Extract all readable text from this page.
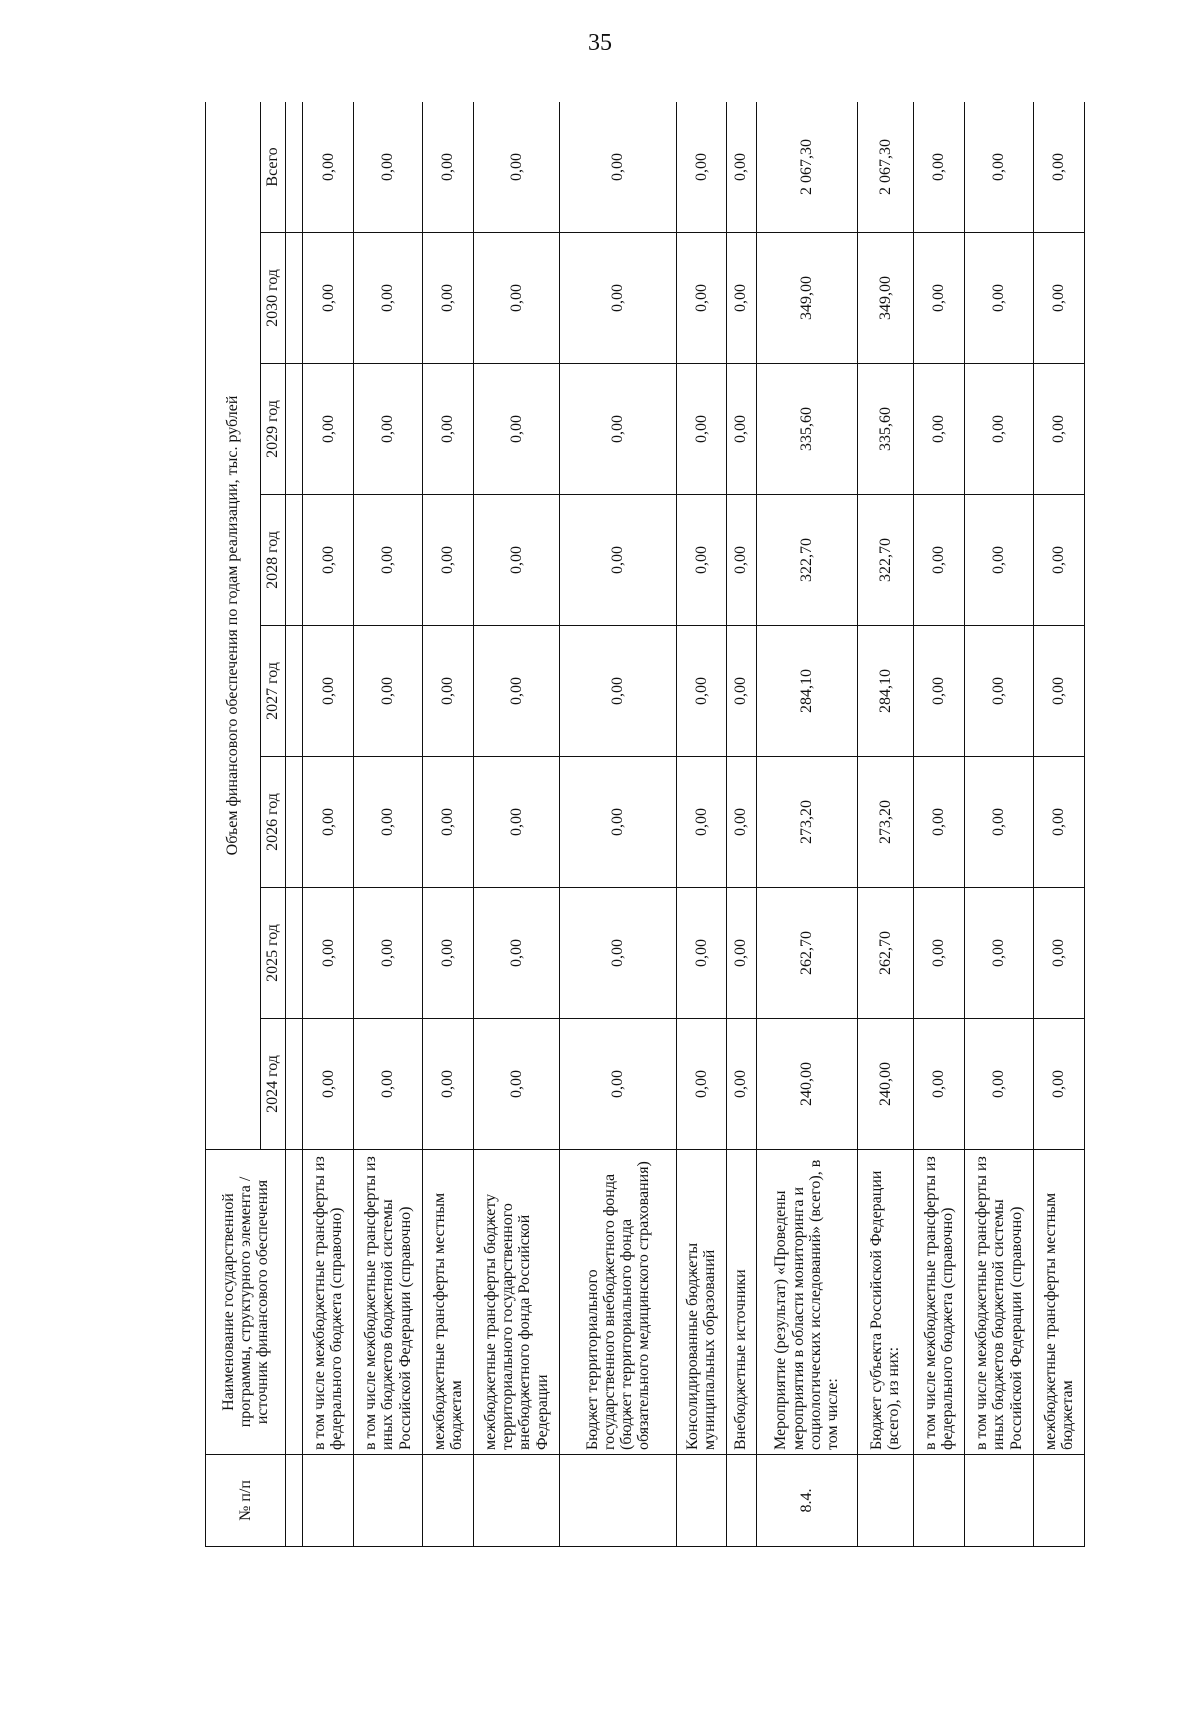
35
№ п/п	Наименование государственной программы, структурного элемента / источник финансового обеспечения	Объем финансового обеспечения по годам реализации, тыс. рублей							
		2024 год	2025 год	2026 год	2027 год	2028 год	2029 год	2030 год	Всего

	в том числе межбюджетные трансферты из федерального бюджета (справочно)	0,00	0,00	0,00	0,00	0,00	0,00	0,00	0,00
	в том числе межбюджетные трансферты из иных бюджетов бюджетной системы Российской Федерации (справочно)	0,00	0,00	0,00	0,00	0,00	0,00	0,00	0,00
	межбюджетные трансферты местным бюджетам	0,00	0,00	0,00	0,00	0,00	0,00	0,00	0,00
	межбюджетные трансферты бюджету территориального государственного внебюджетного фонда Российской Федерации	0,00	0,00	0,00	0,00	0,00	0,00	0,00	0,00
	Бюджет территориального государственного внебюджетного фонда (бюджет территориального фонда обязательного медицинского страхования)	0,00	0,00	0,00	0,00	0,00	0,00	0,00	0,00
	Консолидированные бюджеты муниципальных образований	0,00	0,00	0,00	0,00	0,00	0,00	0,00	0,00
	Внебюджетные источники	0,00	0,00	0,00	0,00	0,00	0,00	0,00	0,00
8.4.	Мероприятие (результат) «Проведены мероприятия в области мониторинга и социологических исследований» (всего), в том числе:	240,00	262,70	273,20	284,10	322,70	335,60	349,00	2 067,30
	Бюджет субъекта Российской Федерации (всего), из них:	240,00	262,70	273,20	284,10	322,70	335,60	349,00	2 067,30
	в том числе межбюджетные трансферты из федерального бюджета (справочно)	0,00	0,00	0,00	0,00	0,00	0,00	0,00	0,00
	в том числе межбюджетные трансферты из иных бюджетов бюджетной системы Российской Федерации (справочно)	0,00	0,00	0,00	0,00	0,00	0,00	0,00	0,00
	межбюджетные трансферты местным бюджетам	0,00	0,00	0,00	0,00	0,00	0,00	0,00	0,00
